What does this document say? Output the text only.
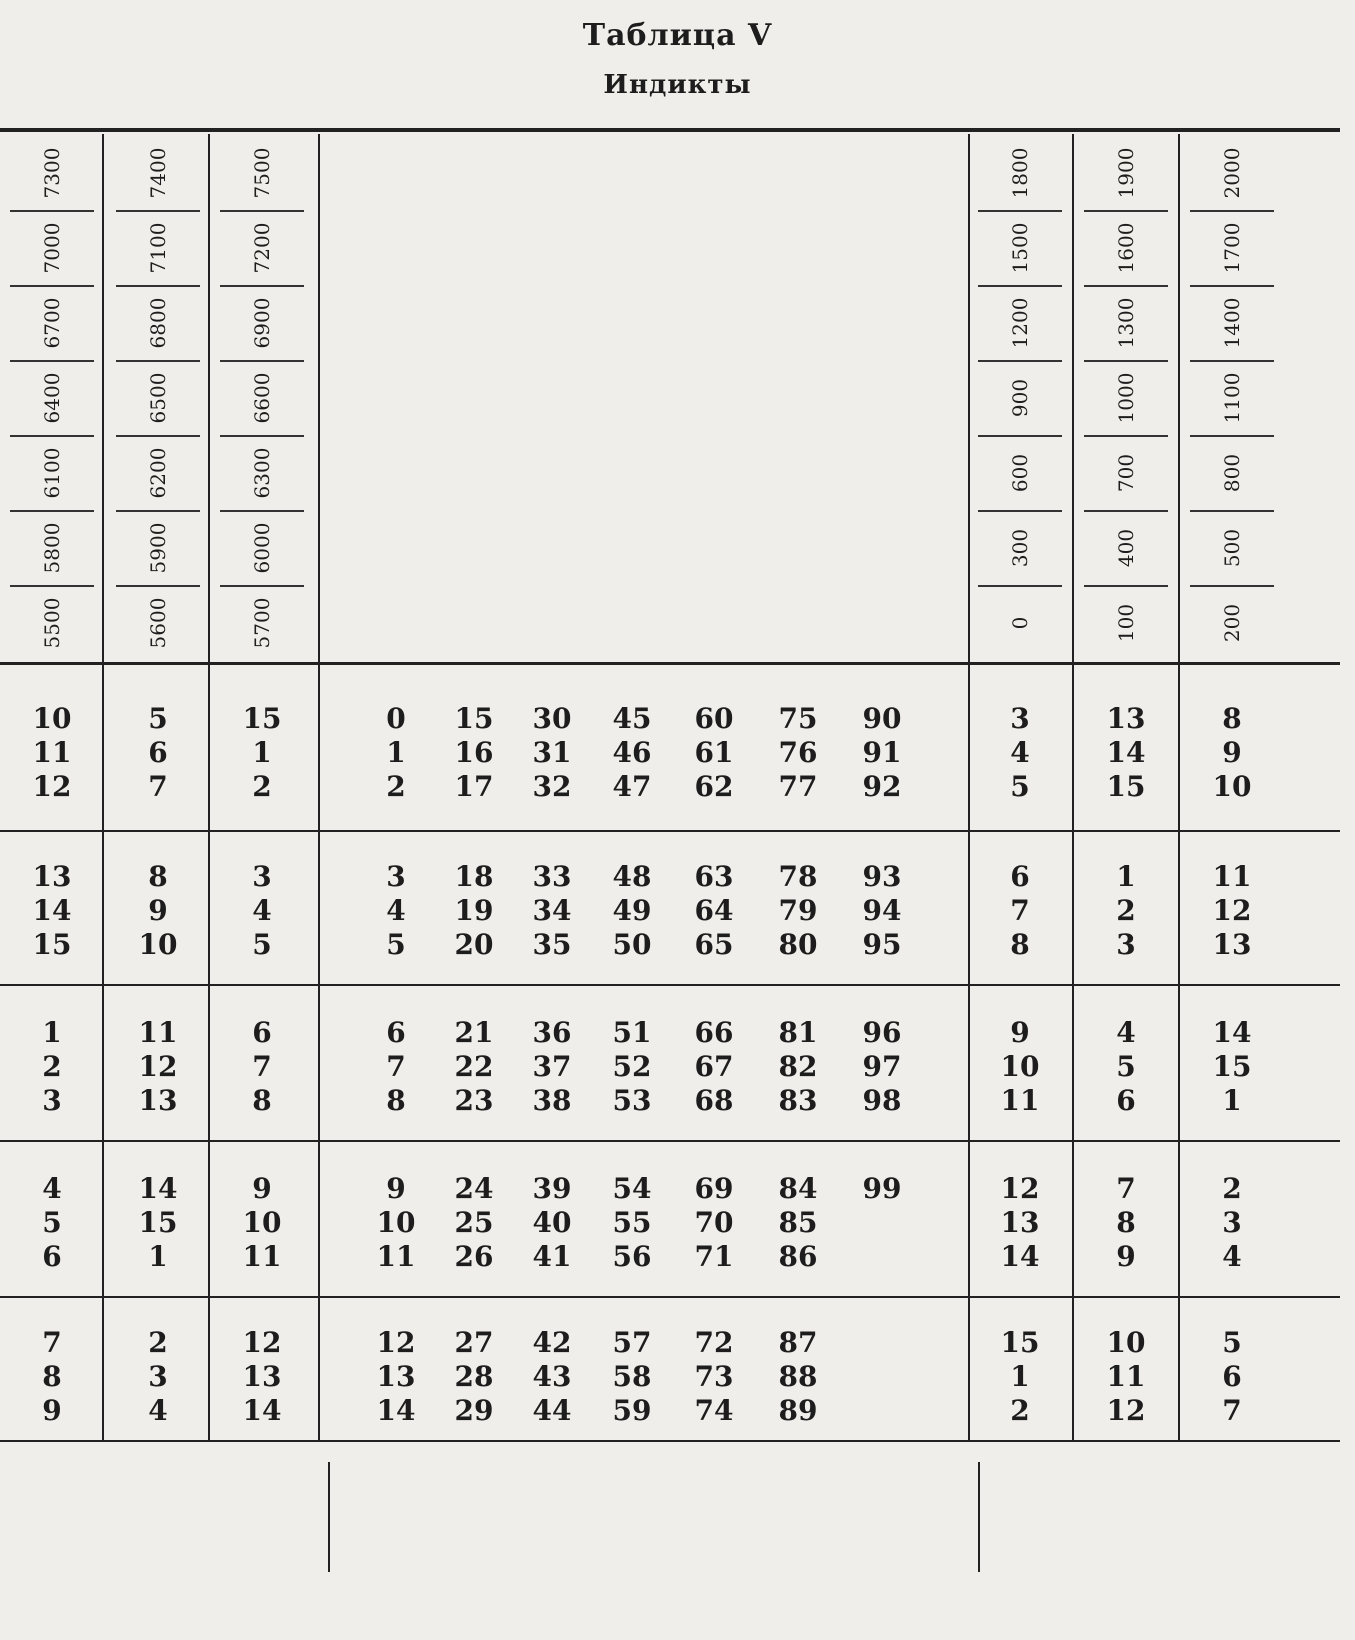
Таблица V
Индикты
5500
5800
6100
6400
6700
7000
7300
5600
5900
6200
6500
6800
7100
7400
5700
6000
6300
6600
6900
7200
7500
0
300
600
900
1200
1500
1800
100
400
700
1000
1300
1600
1900
200
500
800
1100
1400
1700
2000
10
11
12
5
6
7
15
1
2
0
1
2
15
16
17
30
31
32
45
46
47
60
61
62
75
76
77
90
91
92
3
4
5
13
14
15
8
9
10
13
14
15
8
9
10
3
4
5
3
4
5
18
19
20
33
34
35
48
49
50
63
64
65
78
79
80
93
94
95
6
7
8
1
2
3
11
12
13
1
2
3
11
12
13
6
7
8
6
7
8
21
22
23
36
37
38
51
52
53
66
67
68
81
82
83
96
97
98
9
10
11
4
5
6
14
15
1
4
5
6
14
15
1
9
10
11
9
10
11
24
25
26
39
40
41
54
55
56
69
70
71
84
85
86
99	12
13
14
7
8
9
2
3
4
7
8
9
2
3
4
12
13
14
12
13
14
27
28
29
42
43
44
57
58
59
72
73
74
87
88
89
15
1
2
10
11
12
5
6
7
